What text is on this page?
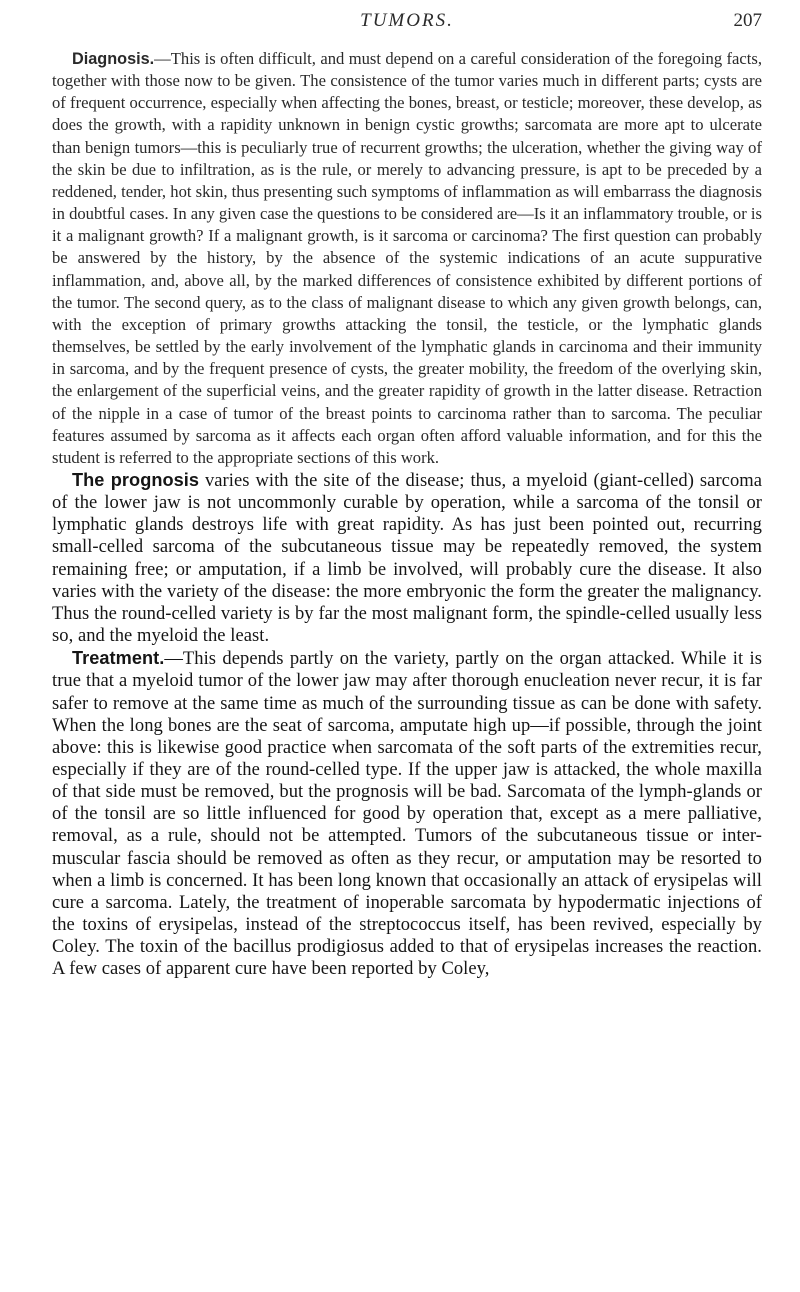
TUMORS.	207

Diagnosis.—This is often difficult, and must depend on a careful consideration of the foregoing facts, together with those now to be given. The consistence of the tumor varies much in different parts; cysts are of frequent occurrence, especially when affecting the bones, breast, or testicle; moreover, these develop, as does the growth, with a rapidity unknown in benign cystic growths; sarcomata are more apt to ulcerate than benign tumors—this is peculiarly true of recurrent growths; the ulceration, whether the giving way of the skin be due to infiltration, as is the rule, or merely to advancing pressure, is apt to be preceded by a reddened, tender, hot skin, thus presenting such symptoms of inflammation as will embarrass the diagnosis in doubtful cases. In any given case the questions to be considered are—Is it an inflammatory trouble, or is it a malignant growth? If a malignant growth, is it sarcoma or carcinoma? The first question can probably be answered by the history, by the absence of the systemic indications of an acute suppurative inflammation, and, above all, by the marked differences of consistence exhibited by different portions of the tumor. The second query, as to the class of malignant disease to which any given growth belongs, can, with the exception of primary growths attacking the tonsil, the testicle, or the lymphatic glands themselves, be settled by the early involvement of the lymphatic glands in carcinoma and their immunity in sarcoma, and by the frequent presence of cysts, the greater mobility, the freedom of the overlying skin, the enlargement of the superficial veins, and the greater rapidity of growth in the latter disease. Retraction of the nipple in a case of tumor of the breast points to carcinoma rather than to sarcoma. The peculiar features assumed by sarcoma as it affects each organ often afford valuable information, and for this the student is referred to the appropriate sections of this work.

The prognosis varies with the site of the disease; thus, a myeloid (giant-celled) sarcoma of the lower jaw is not uncommonly curable by operation, while a sarcoma of the tonsil or lymphatic glands destroys life with great rapidity. As has just been pointed out, recurring small-celled sarcoma of the subcutaneous tissue may be repeatedly removed, the system remaining free; or amputation, if a limb be involved, will probably cure the disease. It also varies with the variety of the disease: the more embryonic the form the greater the malignancy. Thus the round-celled variety is by far the most malignant form, the spindle-celled usually less so, and the myeloid the least.

Treatment.—This depends partly on the variety, partly on the organ attacked. While it is true that a myeloid tumor of the lower jaw may after thorough enucleation never recur, it is far safer to remove at the same time as much of the surrounding tissue as can be done with safety. When the long bones are the seat of sarcoma, amputate high up—if possible, through the joint above: this is likewise good practice when sarcomata of the soft parts of the extremities recur, especially if they are of the round-celled type. If the upper jaw is attacked, the whole maxilla of that side must be removed, but the prognosis will be bad. Sarcomata of the lymph-glands or of the tonsil are so little influenced for good by operation that, except as a mere palliative, removal, as a rule, should not be attempted. Tumors of the subcutaneous tissue or inter-muscular fascia should be removed as often as they recur, or amputation may be resorted to when a limb is concerned. It has been long known that occasionally an attack of erysipelas will cure a sarcoma. Lately, the treatment of inoperable sarcomata by hypodermatic injections of the toxins of erysipelas, instead of the streptococcus itself, has been revived, especially by Coley. The toxin of the bacillus prodigiosus added to that of erysipelas increases the reaction. A few cases of apparent cure have been reported by Coley,
